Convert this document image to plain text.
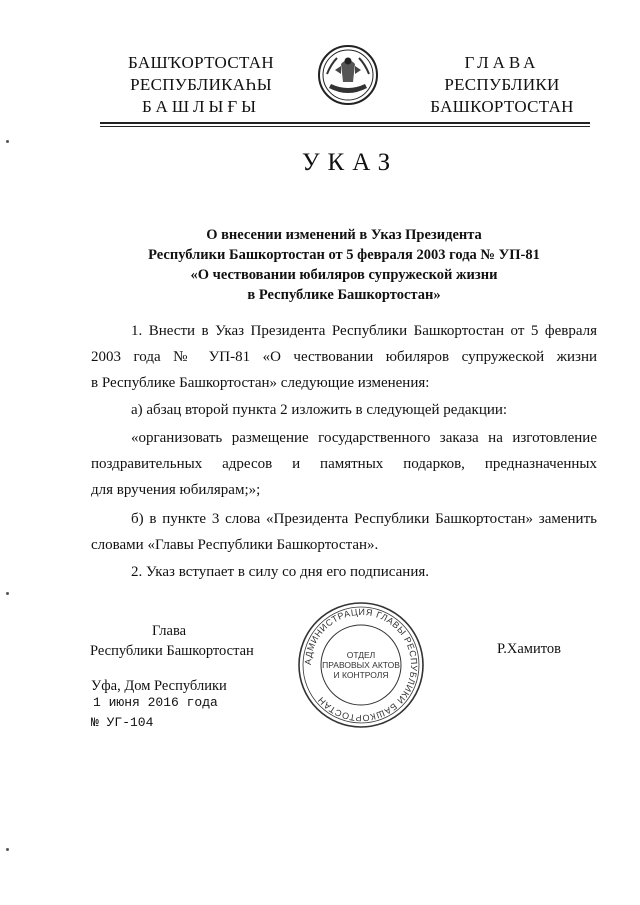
БАШҠОРТОСТАН
РЕСПУБЛИКАҺЫ
БАШЛЫҒЫ
ГЛАВА
РЕСПУБЛИКИ
БАШКОРТОСТАН
УКАЗ
О внесении изменений в Указ Президента
Республики Башкортостан от 5 февраля 2003 года № УП-81
«О чествовании юбиляров супружеской жизни
в Республике Башкортостан»
1. Внести в Указ Президента Республики Башкортостан от 5 февраля
2003 года № УП-81 «О чествовании юбиляров супружеской жизни
в Республике Башкортостан» следующие изменения:
а) абзац второй пункта 2 изложить в следующей редакции:
«организовать размещение государственного заказа на изготовление
поздравительных адресов и памятных подарков, предназначенных
для вручения юбилярам;»;
б) в пункте 3 слова «Президента Республики Башкортостан» заменить
словами «Главы Республики Башкортостан».
2. Указ вступает в силу со дня его подписания.
Глава
Республики Башкортостан
АДМИНИСТРАЦИЯ ГЛАВЫ РЕСПУБЛИКИ БАШКОРТОСТАН
ОТДЕЛ
ПРАВОВЫХ АКТОВ
И КОНТРОЛЯ
Р.Хамитов
Уфа, Дом Республики
1 июня 2016 года
№ УГ-104
